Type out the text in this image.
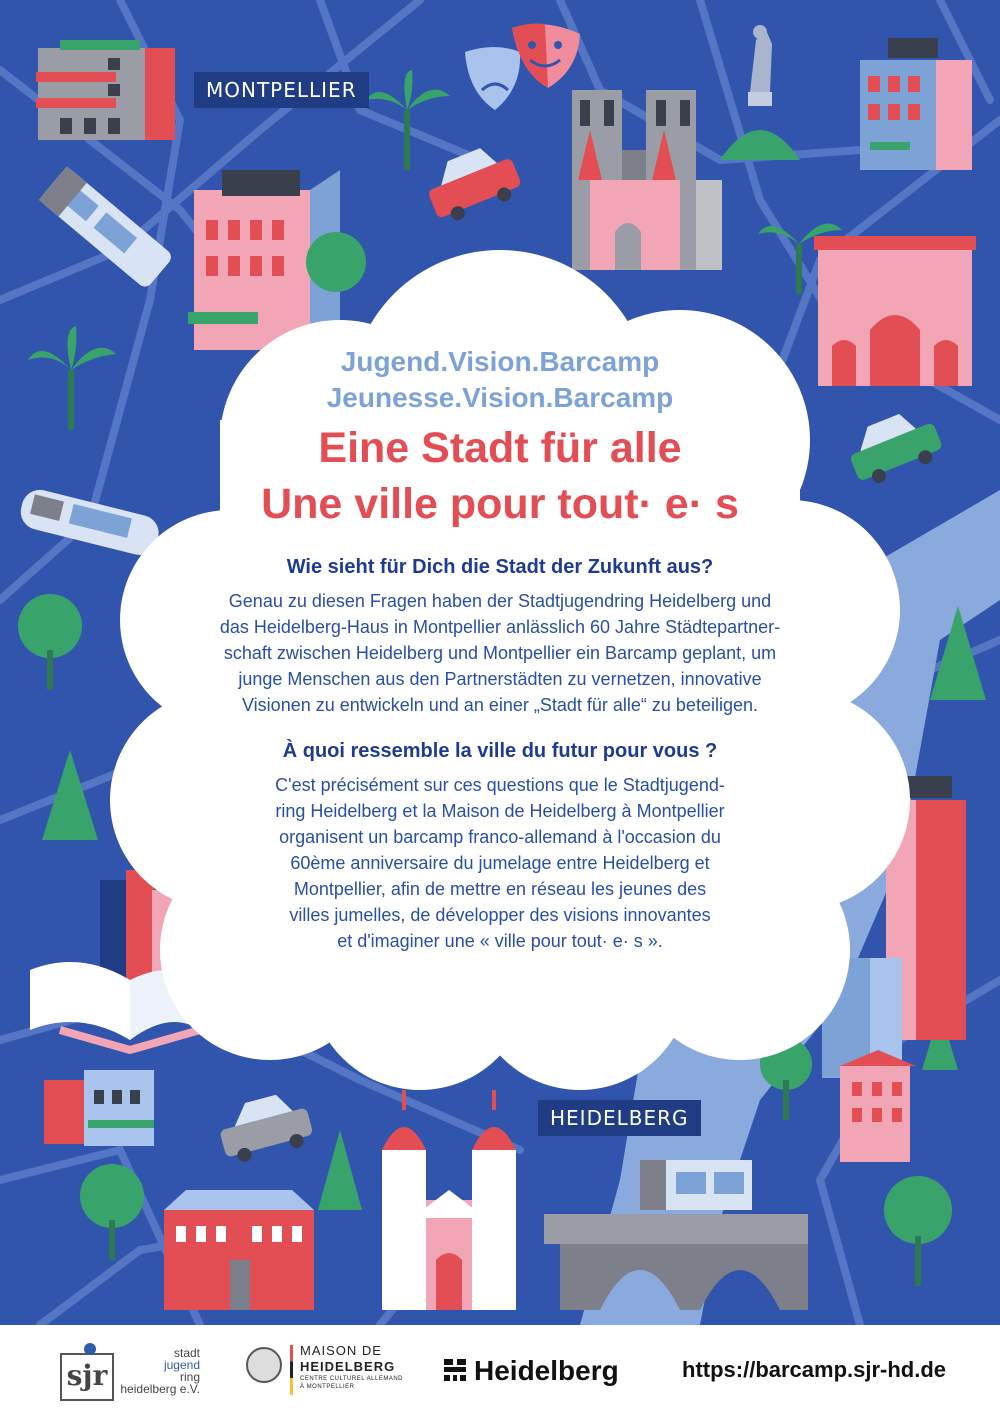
MONTPELLIER
HEIDELBERG

Jugend.Vision.Barcamp

Jeunesse.Vision.Barcamp

Eine Stadt für alle
Une ville pour tout· e· s
Wie sieht für Dich die Stadt der Zukunft aus?

Genau zu diesen Fragen haben der Stadtjugendring Heidelberg und

das Heidelberg-Haus in Montpellier anlässlich 60 Jahre Städtepartner-

schaft zwischen Heidelberg und Montpellier ein Barcamp geplant, um

junge Menschen aus den Partnerstädten zu vernetzen, innovative

Visionen zu entwickeln und an einer „Stadt für alle“ zu beteiligen.

À quoi ressemble la ville du futur pour vous ?

C'est précisément sur ces questions que le Stadtjugend-

ring Heidelberg et la Maison de Heidelberg à Montpellier

organisent un barcamp franco-allemand à l'occasion du

60ème anniversaire du jumelage entre Heidelberg et

Montpellier, afin de mettre en réseau les jeunes des

villes jumelles, de développer des visions innovantes

et d'imaginer une « ville pour tout· e· s ».

sjr
stadt
jugend
ring
heidelberg e.V.
MAISON DE
HEIDELBERG
CENTRE CULTUREL ALLEMAND
À MONTPELLIER
Heidelberg	https://barcamp.sjr-hd.de
